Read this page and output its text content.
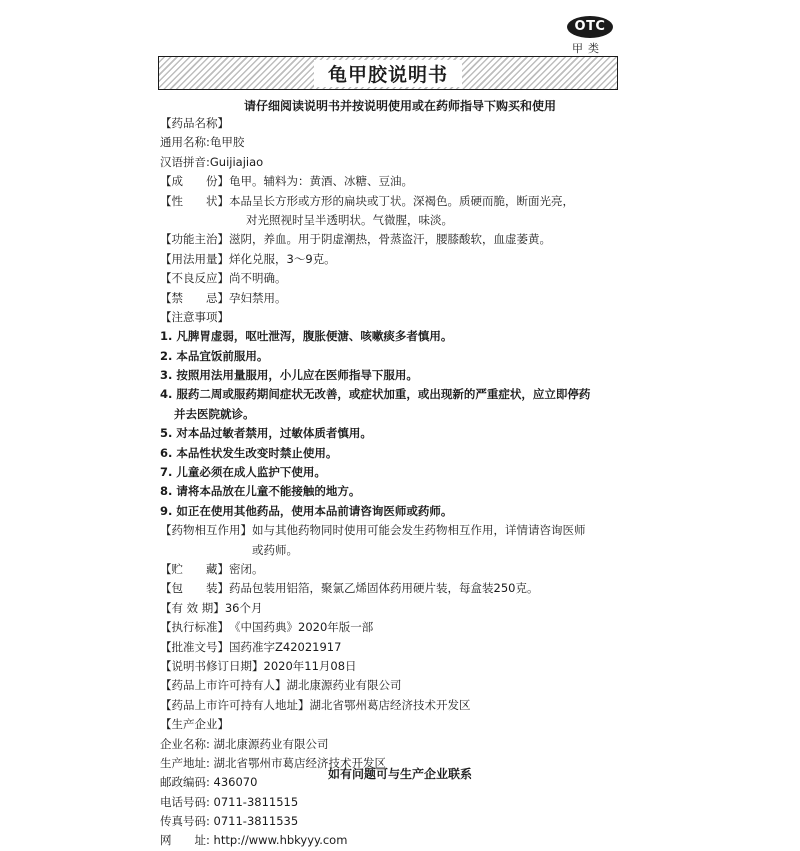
OTC
甲类
龟甲胶说明书
请仔细阅读说明书并按说明使用或在药师指导下购买和使用
【药品名称】
通用名称:龟甲胶
汉语拼音:Guijiajiao
【成　　份】龟甲。辅料为：黄酒、冰糖、豆油。
【性　　状】本品呈长方形或方形的扁块或丁状。深褐色。质硬而脆，断面光亮，
对光照视时呈半透明状。气微腥，味淡。
【功能主治】滋阴，养血。用于阴虚潮热，骨蒸盗汗，腰膝酸软，血虚萎黄。
【用法用量】烊化兑服，3～9克。
【不良反应】尚不明确。
【禁　　忌】孕妇禁用。
【注意事项】
1. 凡脾胃虚弱，呕吐泄泻，腹胀便溏、咳嗽痰多者慎用。
2. 本品宜饭前服用。
3. 按照用法用量服用，小儿应在医师指导下服用。
4. 服药二周或服药期间症状无改善，或症状加重，或出现新的严重症状，应立即停药
并去医院就诊。
5. 对本品过敏者禁用，过敏体质者慎用。
6. 本品性状发生改变时禁止使用。
7. 儿童必须在成人监护下使用。
8. 请将本品放在儿童不能接触的地方。
9. 如正在使用其他药品，使用本品前请咨询医师或药师。
【药物相互作用】如与其他药物同时使用可能会发生药物相互作用，详情请咨询医师
或药师。
【贮　　藏】密闭。
【包　　装】药品包装用铝箔，聚氯乙烯固体药用硬片装，每盒装250克。
【有 效 期】36个月
【执行标准】《中国药典》2020年版一部
【批准文号】国药准字Z42021917
【说明书修订日期】2020年11月08日
【药品上市许可持有人】湖北康源药业有限公司
【药品上市许可持有人地址】湖北省鄂州葛店经济技术开发区
【生产企业】
企业名称: 湖北康源药业有限公司
生产地址: 湖北省鄂州市葛店经济技术开发区
邮政编码: 436070
电话号码: 0711-3811515
传真号码: 0711-3811535
网　　址: http://www.hbkyyy.com
如有问题可与生产企业联系
